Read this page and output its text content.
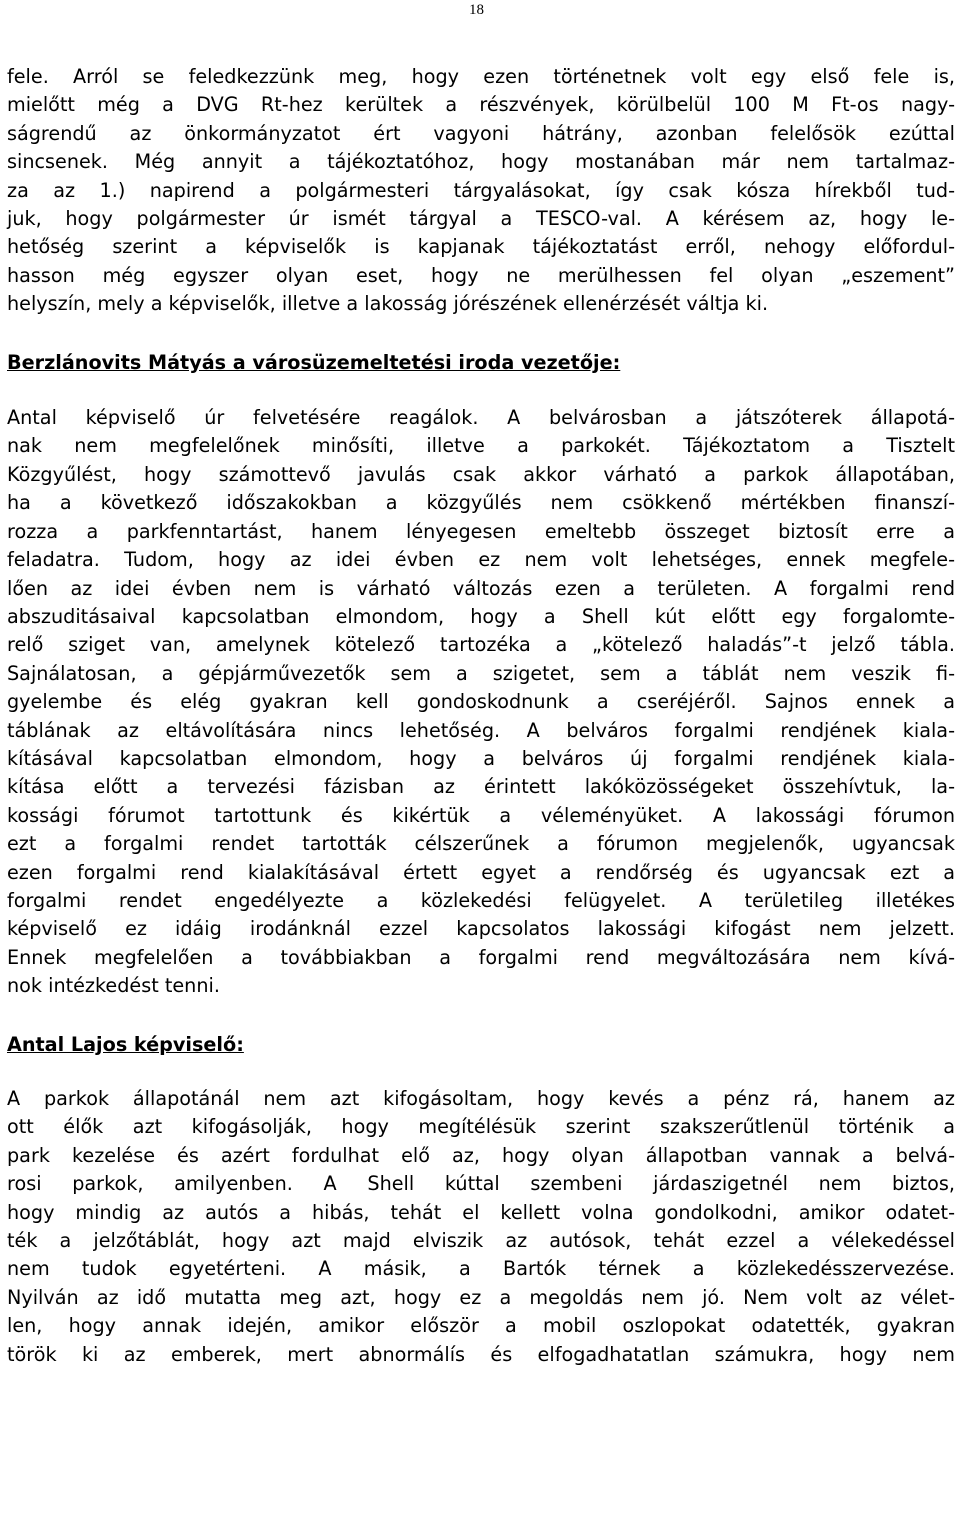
18

fele. Arról se feledkezzünk meg, hogy ezen történetnek volt egy első fele is,
mielőtt még a DVG Rt-hez kerültek a részvények, körülbelül 100 M Ft-os nagy-
ságrendű az önkormányzatot ért vagyoni hátrány, azonban felelősök ezúttal
sincsenek. Még annyit a tájékoztatóhoz, hogy mostanában már nem tartalmaz-
za az 1.) napirend a polgármesteri tárgyalásokat, így csak kósza hírekből tud-
juk, hogy polgármester úr ismét tárgyal a TESCO-val. A kérésem az, hogy le-
hetőség szerint a képviselők is kapjanak tájékoztatást erről, nehogy előfordul-
hasson még egyszer olyan eset, hogy ne merülhessen fel olyan „eszement”
helyszín, mely a képviselők, illetve a lakosság jórészének ellenérzését váltja ki.

Berzlánovits Mátyás a városüzemeltetési iroda vezetője:

Antal képviselő úr felvetésére reagálok. A belvárosban a játszóterek állapotá-
nak nem megfelelőnek minősíti, illetve a parkokét. Tájékoztatom a Tisztelt
Közgyűlést, hogy számottevő javulás csak akkor várható a parkok állapotában,
ha a következő időszakokban a közgyűlés nem csökkenő mértékben finanszí-
rozza a parkfenntartást, hanem lényegesen emeltebb összeget biztosít erre a
feladatra. Tudom, hogy az idei évben ez nem volt lehetséges, ennek megfele-
lően az idei évben nem is várható változás ezen a területen. A forgalmi rend
abszuditásaival kapcsolatban elmondom, hogy a Shell kút előtt egy forgalomte-
relő sziget van, amelynek kötelező tartozéka a „kötelező haladás”-t jelző tábla.
Sajnálatosan, a gépjárművezetők sem a szigetet, sem a táblát nem veszik fi-
gyelembe és elég gyakran kell gondoskodnunk a cseréjéről. Sajnos ennek a
táblának az eltávolítására nincs lehetőség. A belváros forgalmi rendjének kiala-
kításával kapcsolatban elmondom, hogy a belváros új forgalmi rendjének kiala-
kítása előtt a tervezési fázisban az érintett lakóközösségeket összehívtuk, la-
kossági fórumot tartottunk és kikértük a véleményüket. A lakossági fórumon
ezt a forgalmi rendet tartották célszerűnek a fórumon megjelenők, ugyancsak
ezen forgalmi rend kialakításával értett egyet a rendőrség és ugyancsak ezt a
forgalmi rendet engedélyezte a közlekedési felügyelet. A területileg illetékes
képviselő ez idáig irodánknál ezzel kapcsolatos lakossági kifogást nem jelzett.
Ennek megfelelően a továbbiakban a forgalmi rend megváltozására nem kívá-
nok intézkedést tenni.

Antal Lajos képviselő:

A parkok állapotánál nem azt kifogásoltam, hogy kevés a pénz rá, hanem az
ott élők azt kifogásolják, hogy megítélésük szerint szakszerűtlenül történik a
park kezelése és azért fordulhat elő az, hogy olyan állapotban vannak a belvá-
rosi parkok, amilyenben. A Shell kúttal szembeni járdaszigetnél nem biztos,
hogy mindig az autós a hibás, tehát el kellett volna gondolkodni, amikor odatet-
ték a jelzőtáblát, hogy azt majd elviszik az autósok, tehát ezzel a vélekedéssel
nem tudok egyetérteni. A másik, a Bartók térnek a közlekedésszervezése.
Nyilván az idő mutatta meg azt, hogy ez a megoldás nem jó. Nem volt az vélet-
len, hogy annak idején, amikor először a mobil oszlopokat odatették, gyakran
török ki az emberek, mert abnormálís és elfogadhatatlan számukra, hogy nem
